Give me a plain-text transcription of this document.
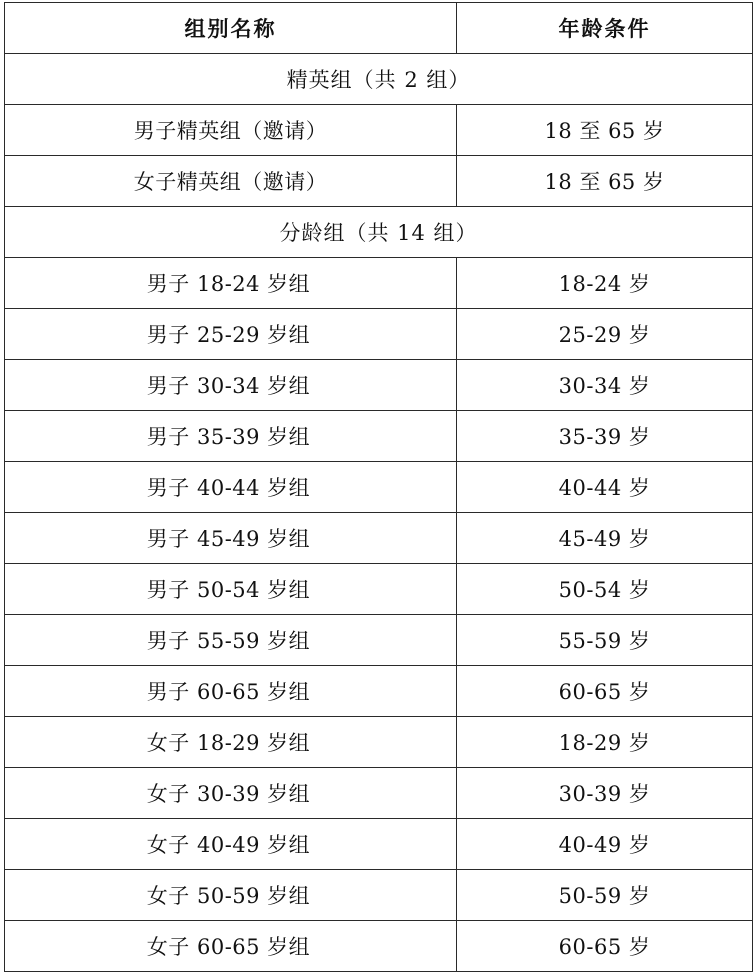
组别名称	年龄条件
精英组（共 2 组）	
男子精英组（邀请）	18 至 65 岁
女子精英组（邀请）	18 至 65 岁
分龄组（共 14 组）	
男子 18-24 岁组	18-24 岁
男子 25-29 岁组	25-29 岁
男子 30-34 岁组	30-34 岁
男子 35-39 岁组	35-39 岁
男子 40-44 岁组	40-44 岁
男子 45-49 岁组	45-49 岁
男子 50-54 岁组	50-54 岁
男子 55-59 岁组	55-59 岁
男子 60-65 岁组	60-65 岁
女子 18-29 岁组	18-29 岁
女子 30-39 岁组	30-39 岁
女子 40-49 岁组	40-49 岁
女子 50-59 岁组	50-59 岁
女子 60-65 岁组	60-65 岁
